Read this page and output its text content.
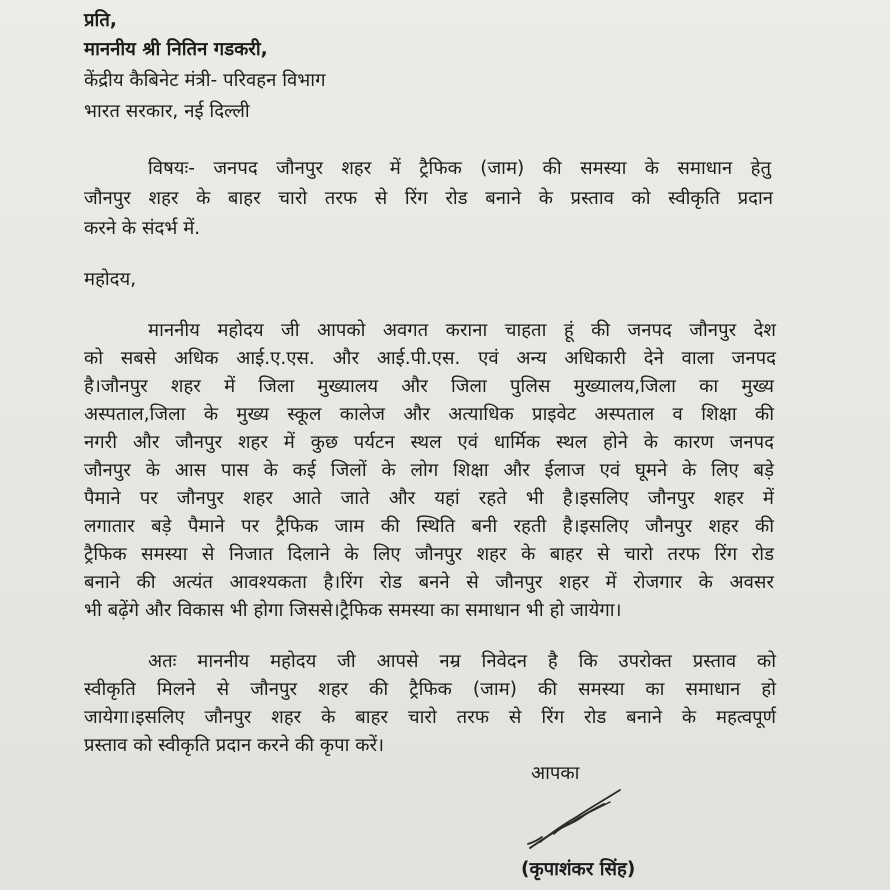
प्रति,
माननीय श्री नितिन गडकरी,
केंद्रीय कैबिनेट मंत्री- परिवहन विभाग
भारत सरकार, नई दिल्ली
विषयः- जनपद जौनपुर शहर में ट्रैफिक (जाम) की समस्या के समाधान हेतु
जौनपुर शहर के बाहर चारो तरफ से रिंग रोड बनाने के प्रस्ताव को स्वीकृति प्रदान
करने के संदर्भ में.
महोदय,
माननीय महोदय जी आपको अवगत कराना चाहता हूं की जनपद जौनपुर देश
को सबसे अधिक आई.ए.एस. और आई.पी.एस. एवं अन्य अधिकारी देने वाला जनपद
है।जौनपुर शहर में जिला मुख्यालय और जिला पुलिस मुख्यालय,जिला का मुख्य
अस्पताल,जिला के मुख्य स्कूल कालेज और अत्याधिक प्राइवेट अस्पताल व शिक्षा की
नगरी और जौनपुर शहर में कुछ पर्यटन स्थल एवं धार्मिक स्थल होने के कारण जनपद
जौनपुर के आस पास के कई जिलों के लोग शिक्षा और ईलाज एवं घूमने के लिए बड़े
पैमाने पर जौनपुर शहर आते जाते और यहां रहते भी है।इसलिए जौनपुर शहर में
लगातार बड़े पैमाने पर ट्रैफिक जाम की स्थिति बनी रहती है।इसलिए जौनपुर शहर की
ट्रैफिक समस्या से निजात दिलाने के लिए जौनपुर शहर के बाहर से चारो तरफ रिंग रोड
बनाने की अत्यंत आवश्यकता है।रिंग रोड बनने से जौनपुर शहर में रोजगार के अवसर
भी बढ़ेंगे और विकास भी होगा जिससे।ट्रैफिक समस्या का समाधान भी हो जायेगा।
अतः माननीय महोदय जी आपसे नम्र निवेदन है कि उपरोक्त प्रस्ताव को
स्वीकृति मिलने से जौनपुर शहर की ट्रैफिक (जाम) की समस्या का समाधान हो
जायेगा।इसलिए जौनपुर शहर के बाहर चारो तरफ से रिंग रोड बनाने के महत्वपूर्ण
प्रस्ताव को स्वीकृति प्रदान करने की कृपा करें।
आपका
(कृपाशंकर सिंह)
